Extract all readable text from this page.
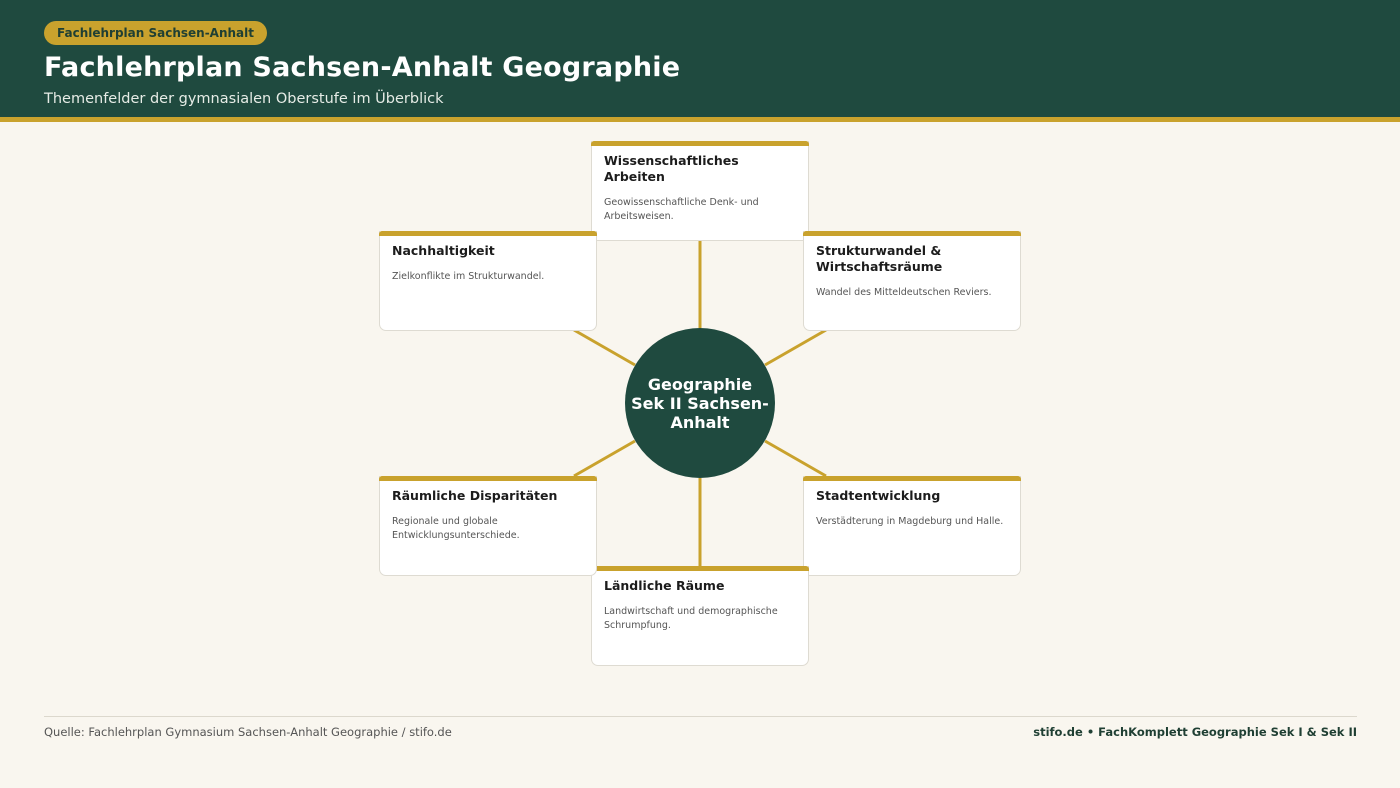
Fachlehrplan Sachsen-Anhalt
Fachlehrplan Sachsen-Anhalt Geographie
Themenfelder der gymnasialen Oberstufe im Überblick
Geographie Sek II Sachsen-Anhalt
Wissenschaftliches Arbeiten
Geowissenschaftliche Denk- und Arbeitsweisen.
Strukturwandel & Wirtschaftsräume
Wandel des Mitteldeutschen Reviers.
Stadtentwicklung
Verstädterung in Magdeburg und Halle.
Ländliche Räume
Landwirtschaft und demographische Schrumpfung.
Räumliche Disparitäten
Regionale und globale Entwicklungsunterschiede.
Nachhaltigkeit
Zielkonflikte im Strukturwandel.
Quelle: Fachlehrplan Gymnasium Sachsen-Anhalt Geographie / stifo.de	stifo.de • FachKomplett Geographie Sek I & Sek II
